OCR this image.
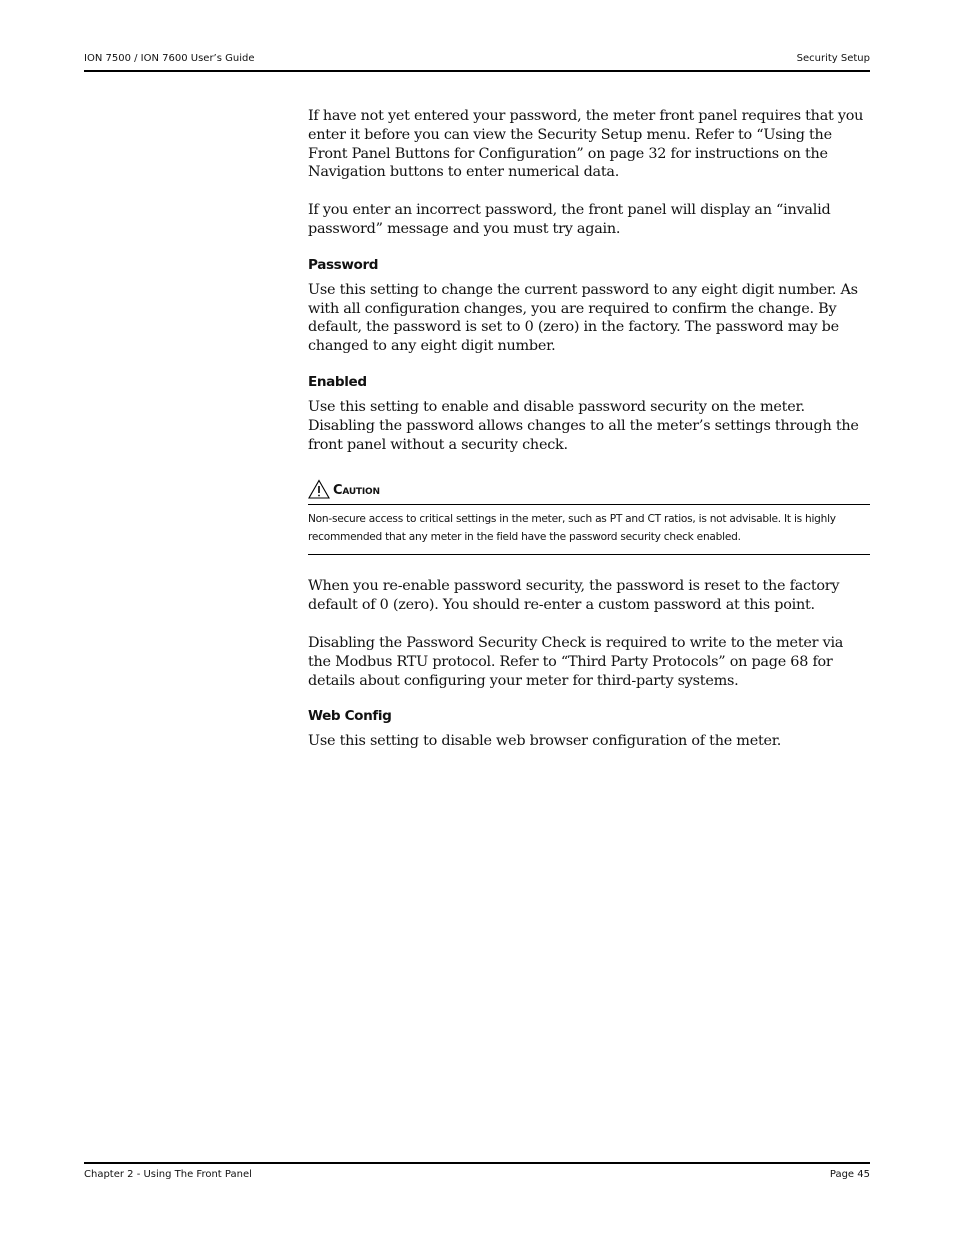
ION 7500 / ION 7600 User’s Guide	Security Setup

If have not yet entered your password, the meter front panel requires that you enter it before you can view the Security Setup menu. Refer to “Using the Front Panel Buttons for Configuration” on page 32 for instructions on the Navigation buttons to enter numerical data.

If you enter an incorrect password, the front panel will display an “invalid password” message and you must try again.

Password

Use this setting to change the current password to any eight digit number. As with all configuration changes, you are required to confirm the change. By default, the password is set to 0 (zero) in the factory. The password may be changed to any eight digit number.

Enabled

Use this setting to enable and disable password security on the meter. Disabling the password allows changes to all the meter’s settings through the front panel without a security check.

Caution

Non-secure access to critical settings in the meter, such as PT and CT ratios, is not advisable. It is highly recommended that any meter in the field have the password security check enabled.

When you re-enable password security, the password is reset to the factory default of 0 (zero). You should re-enter a custom password at this point.

Disabling the Password Security Check is required to write to the meter via the Modbus RTU protocol. Refer to “Third Party Protocols” on page 68 for details about configuring your meter for third-party systems.

Web Config

Use this setting to disable web browser configuration of the meter.

Chapter 2 - Using The Front Panel	Page 45
